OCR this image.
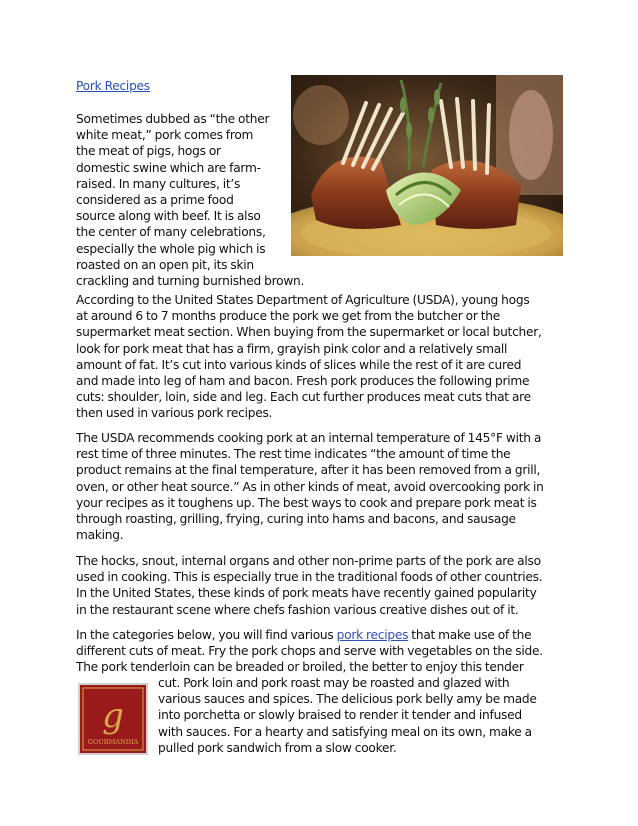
Pork Recipes
Sometimes dubbed as “the other
white meat,” pork comes from
the meat of pigs, hogs or
domestic swine which are farm-
raised. In many cultures, it’s
considered as a prime food
source along with beef. It is also
the center of many celebrations,
especially the whole pig which is
roasted on an open pit, its skin
crackling and turning burnished brown.
According to the United States Department of Agriculture (USDA), young hogs
at around 6 to 7 months produce the pork we get from the butcher or the
supermarket meat section. When buying from the supermarket or local butcher,
look for pork meat that has a firm, grayish pink color and a relatively small
amount of fat. It’s cut into various kinds of slices while the rest of it are cured
and made into leg of ham and bacon. Fresh pork produces the following prime
cuts: shoulder, loin, side and leg. Each cut further produces meat cuts that are
then used in various pork recipes.
The USDA recommends cooking pork at an internal temperature of 145°F with a
rest time of three minutes. The rest time indicates “the amount of time the
product remains at the final temperature, after it has been removed from a grill,
oven, or other heat source.” As in other kinds of meat, avoid overcooking pork in
your recipes as it toughens up. The best ways to cook and prepare pork meat is
through roasting, grilling, frying, curing into hams and bacons, and sausage
making.
The hocks, snout, internal organs and other non-prime parts of the pork are also
used in cooking. This is especially true in the traditional foods of other countries.
In the United States, these kinds of pork meats have recently gained popularity
in the restaurant scene where chefs fashion various creative dishes out of it.
In the categories below, you will find various pork recipes that make use of the
different cuts of meat. Fry the pork chops and serve with vegetables on the side.
The pork tenderloin can be breaded or broiled, the better to enjoy this tender
cut. Pork loin and pork roast may be roasted and glazed with
various sauces and spices. The delicious pork belly amy be made
into porchetta or slowly braised to render it tender and infused
with sauces. For a hearty and satisfying meal on its own, make a
pulled pork sandwich from a slow cooker.
g
GOURMANDIA
